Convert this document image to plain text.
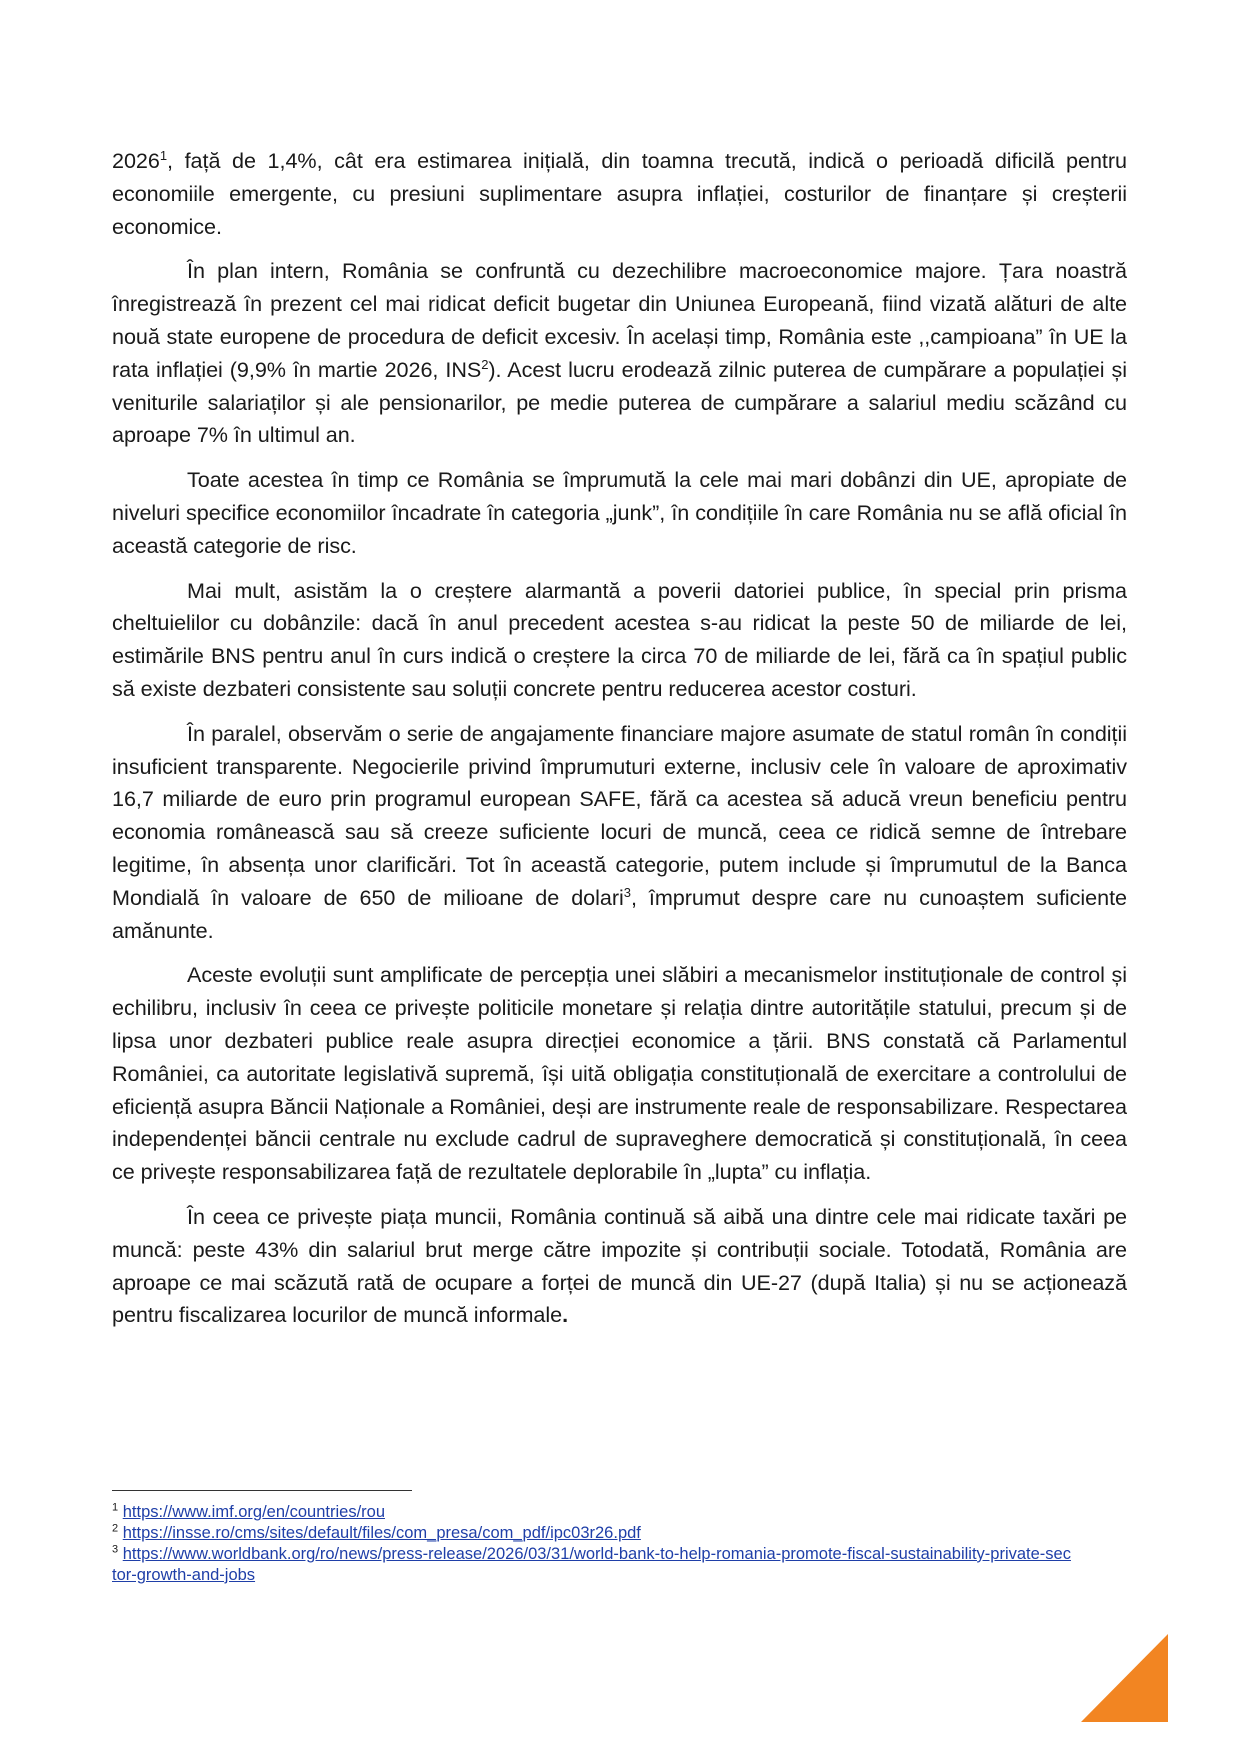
2026$^1$, față de 1,4%, cât era estimarea inițială, din toamna trecută, indică o perioadă dificilă pentru economiile emergente, cu presiuni suplimentare asupra inflației, costurilor de finanțare și creșterii economice.

În plan intern, România se confruntă cu dezechilibre macroeconomice majore. Țara noastră înregistrează în prezent cel mai ridicat deficit bugetar din Uniunea Europeană, fiind vizată alături de alte nouă state europene de procedura de deficit excesiv. În același timp, România este ,,campioana” în UE la rata inflației (9,9% în martie 2026, INS$^2$). Acest lucru erodează zilnic puterea de cumpărare a populației și veniturile salariaților și ale pensionarilor, pe medie puterea de cumpărare a salariul mediu scăzând cu aproape 7% în ultimul an.

Toate acestea în timp ce România se împrumută la cele mai mari dobânzi din UE, apropiate de niveluri specifice economiilor încadrate în categoria „junk”, în condițiile în care România nu se află oficial în această categorie de risc.

Mai mult, asistăm la o creștere alarmantă a poverii datoriei publice, în special prin prisma cheltuielilor cu dobânzile: dacă în anul precedent acestea s-au ridicat la peste 50 de miliarde de lei, estimările BNS pentru anul în curs indică o creștere la circa 70 de miliarde de lei, fără ca în spațiul public să existe dezbateri consistente sau soluții concrete pentru reducerea acestor costuri.

În paralel, observăm o serie de angajamente financiare majore asumate de statul român în condiții insuficient transparente. Negocierile privind împrumuturi externe, inclusiv cele în valoare de aproximativ 16,7 miliarde de euro prin programul european SAFE, fără ca acestea să aducă vreun beneficiu pentru economia românească sau să creeze suficiente locuri de muncă, ceea ce ridică semne de întrebare legitime, în absența unor clarificări. Tot în această categorie, putem include și împrumutul de la Banca Mondială în valoare de 650 de milioane de dolari$^3$, împrumut despre care nu cunoaștem suficiente amănunte.

Aceste evoluții sunt amplificate de percepția unei slăbiri a mecanismelor instituționale de control și echilibru, inclusiv în ceea ce privește politicile monetare și relația dintre autoritățile statului, precum și de lipsa unor dezbateri publice reale asupra direcției economice a țării. BNS constată că Parlamentul României, ca autoritate legislativă supremă, își uită obligația constituțională de exercitare a controlului de eficiență asupra Băncii Naționale a României, deși are instrumente reale de responsabilizare. Respectarea independenței băncii centrale nu exclude cadrul de supraveghere democratică și constituțională, în ceea ce privește responsabilizarea față de rezultatele deplorabile în „lupta” cu inflația.

În ceea ce privește piața muncii, România continuă să aibă una dintre cele mai ridicate taxări pe muncă: peste 43% din salariul brut merge către impozite și contribuții sociale. Totodată, România are aproape ce mai scăzută rată de ocupare a forței de muncă din UE-27 (după Italia) și nu se acționează pentru fiscalizarea locurilor de muncă informale.

$^1$ https://www.imf.org/en/countries/rou

$^2$ https://insse.ro/cms/sites/default/files/com_presa/com_pdf/ipc03r26.pdf

$^3$ https://www.worldbank.org/ro/news/press-release/2026/03/31/world-bank-to-help-romania-promote-fiscal-sustainability-private-sector-growth-and-jobs
